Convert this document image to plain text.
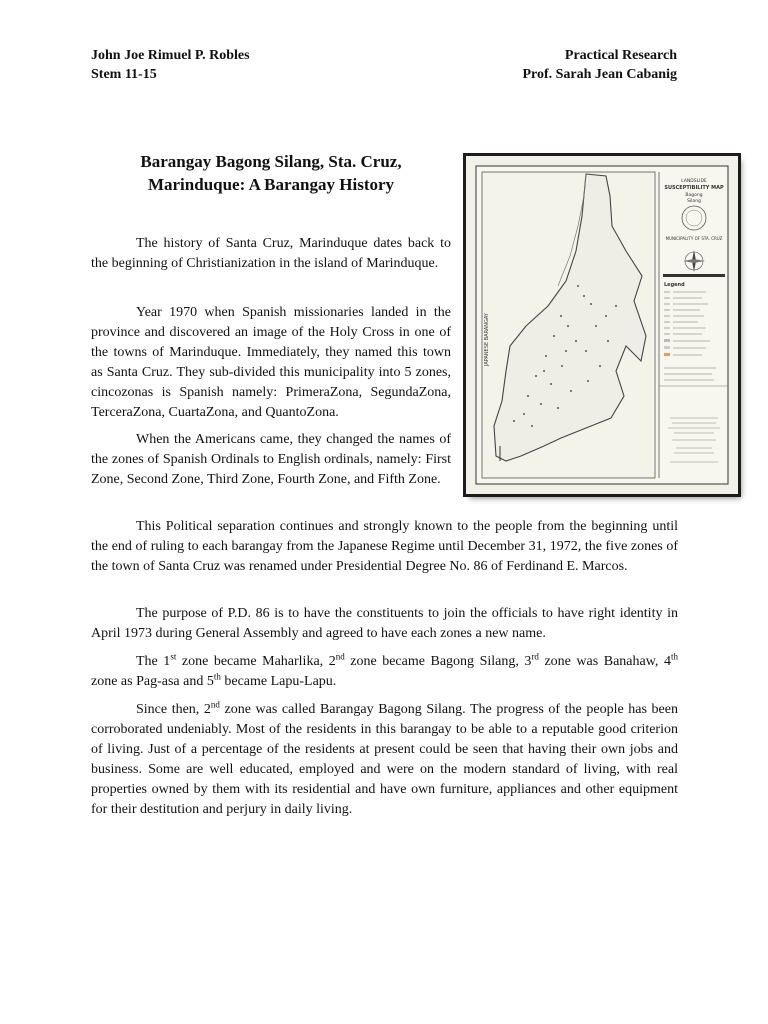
John Joe Rimuel P. Robles
Stem 11-15
Practical Research
Prof. Sarah Jean Cabanig
Barangay Bagong Silang, Sta. Cruz,
Marinduque: A Barangay History

The history of Santa Cruz, Marinduque dates back to the beginning of Christianization in the island of Marinduque.

Year 1970 when Spanish missionaries landed in the province and discovered an image of the Holy Cross in one of the towns of Marinduque. Immediately, they named this town as Santa Cruz. They sub-divided this municipality into 5 zones, cincozonas is Spanish namely: PrimeraZona, SegundaZona, TerceraZona, CuartaZona, and QuantoZona.

When the Americans came, they changed the names of the zones of Spanish Ordinals to English ordinals, namely: First Zone, Second Zone, Third Zone, Fourth Zone, and Fifth Zone.

This Political separation continues and strongly known to the people from the beginning until the end of ruling to each barangay from the Japanese Regime until December 31, 1972, the five zones of the town of Santa Cruz was renamed under Presidential Degree No. 86 of Ferdinand E. Marcos.

The purpose of P.D. 86 is to have the constituents to join the officials to have right identity in April 1973 during General Assembly and agreed to have each zones a new name.

The 1st zone became Maharlika, 2nd zone became Bagong Silang, 3rd zone was Banahaw, 4th zone as Pag-asa and 5th became Lapu-Lapu.

Since then, 2nd zone was called Barangay Bagong Silang. The progress of the people has been corroborated undeniably. Most of the residents in this barangay to be able to a reputable good criterion of living. Just of a percentage of the residents at present could be seen that having their own jobs and business. Some are well educated, employed and were on the modern standard of living, with real properties owned by them with its residential and have own furniture, appliances and other equipment for their destitution and perjury in daily living.

JAPANESE BARANGAY
LANDSLIDE
SUSCEPTIBILITY MAP
Bagong
Silang
MUNICIPALITY OF STA. CRUZ
Legend
